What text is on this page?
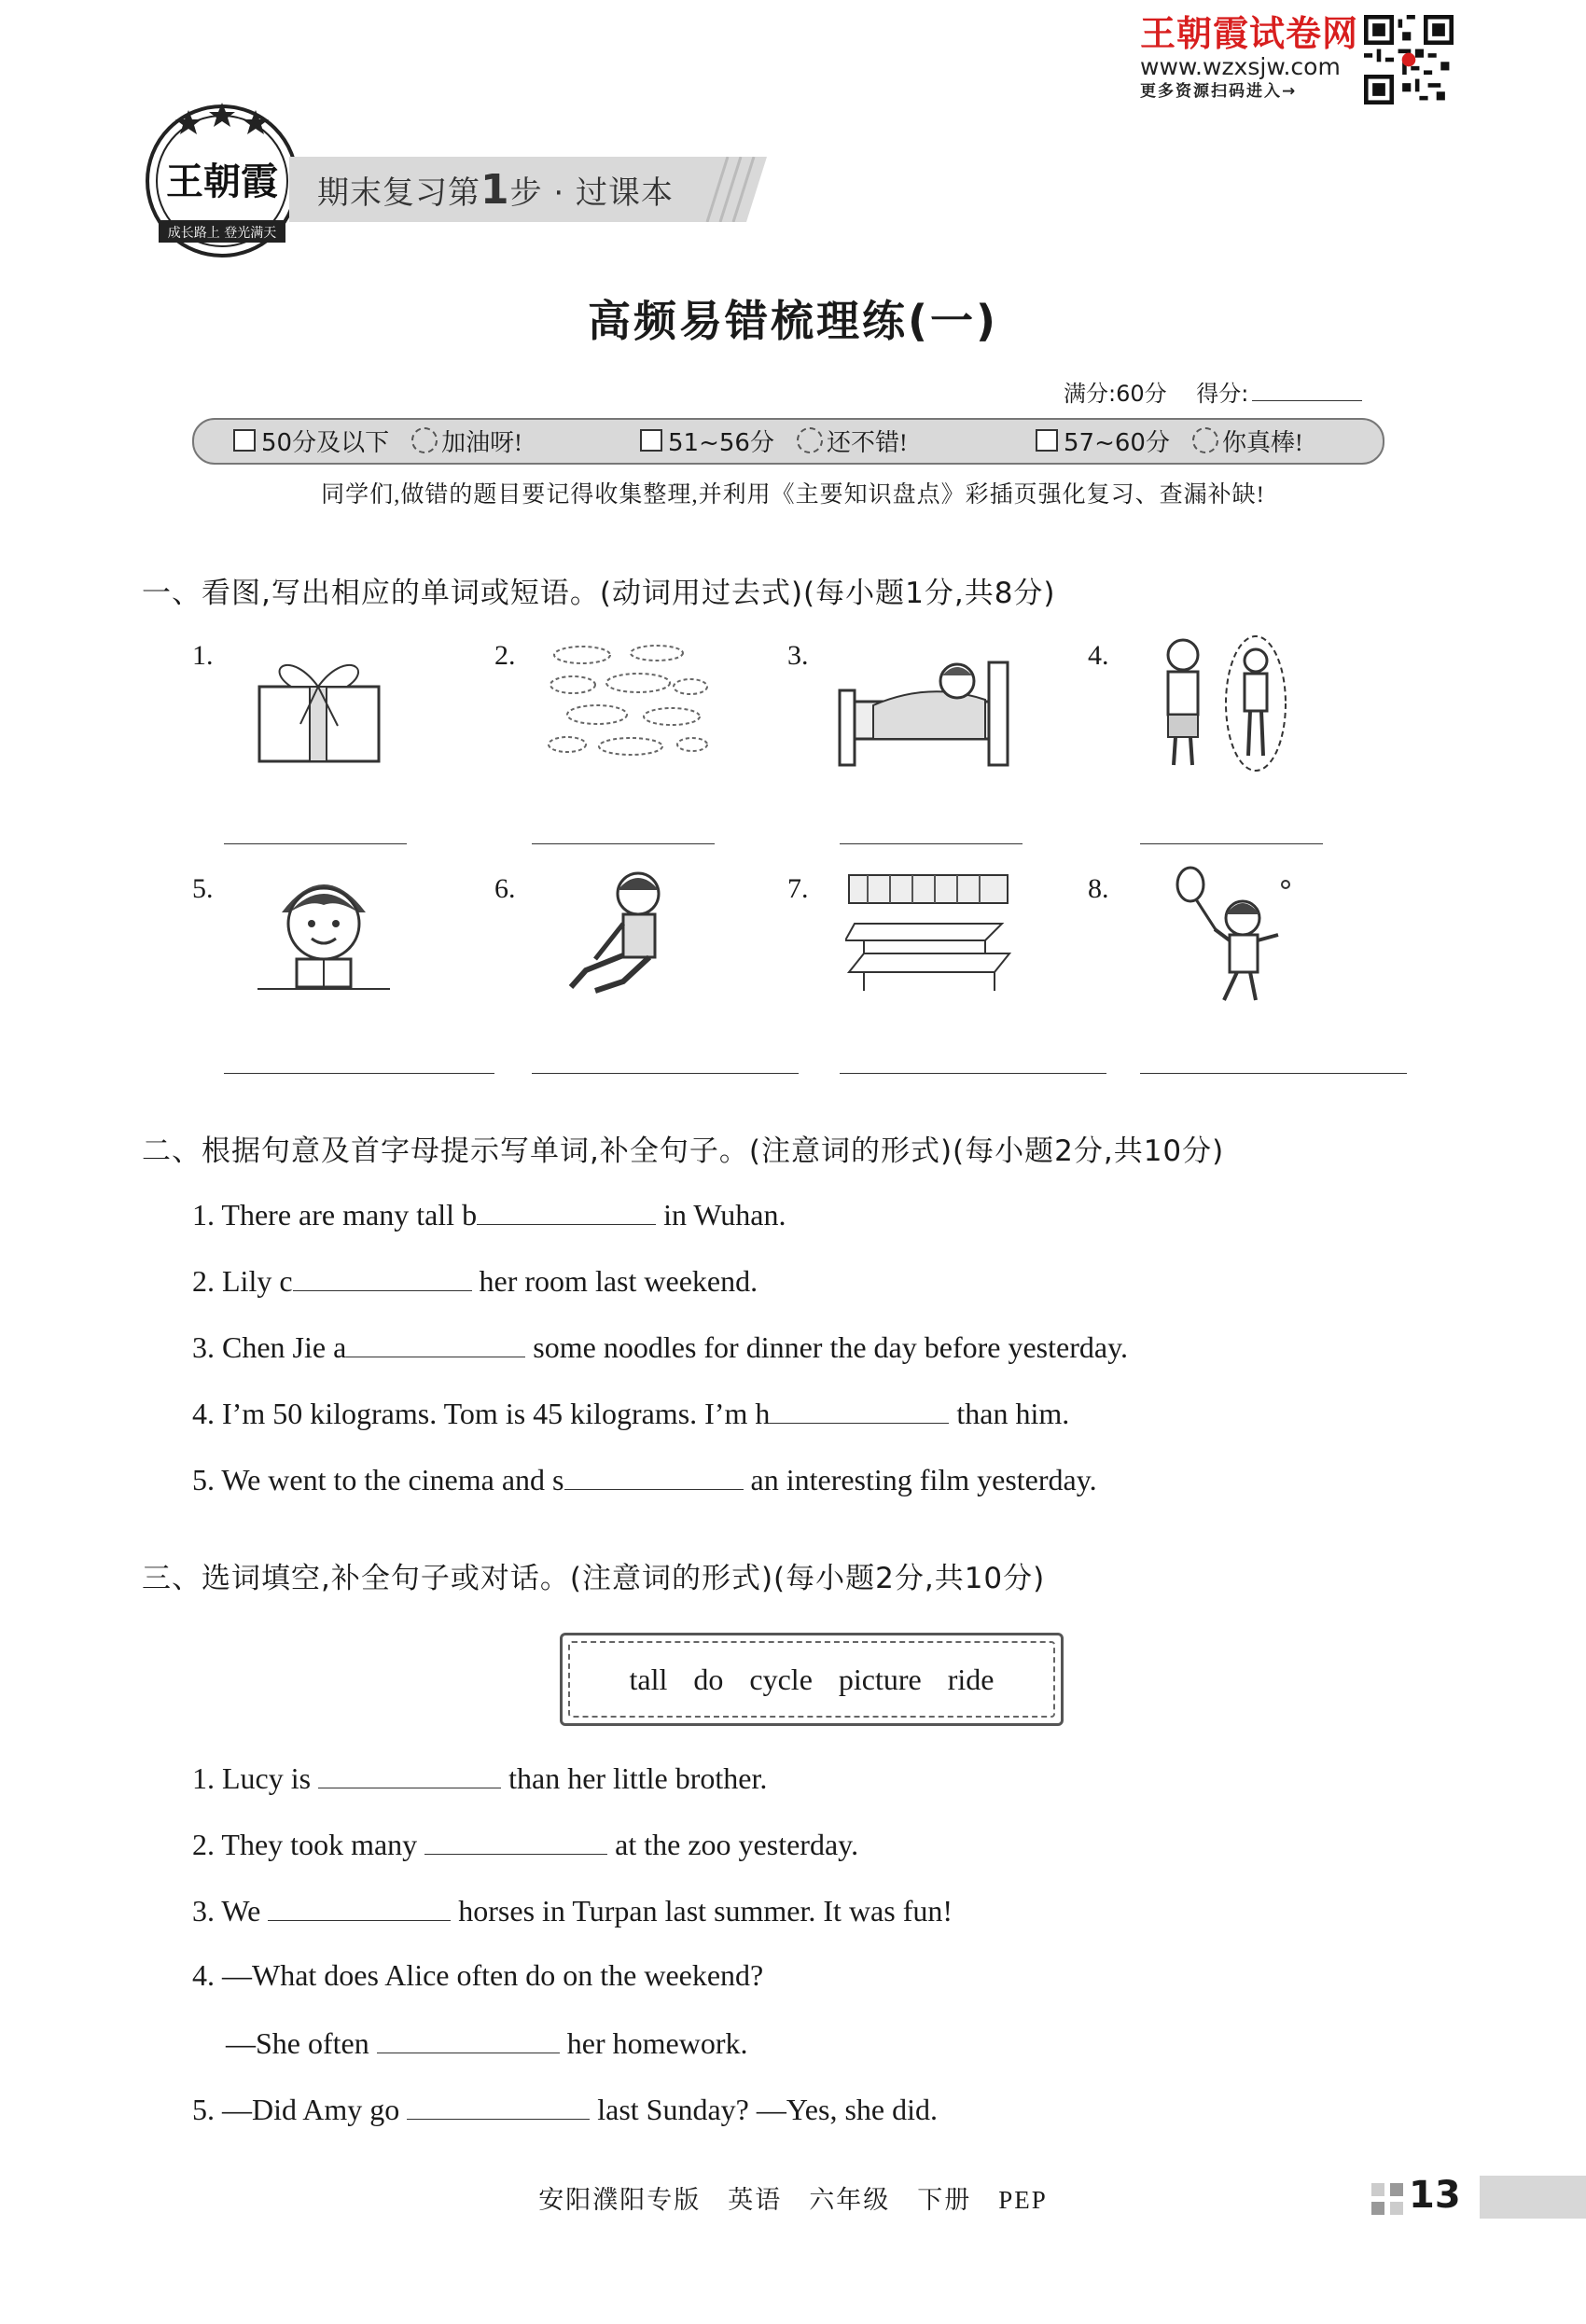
王朝霞试卷网
www.wzxsjw.com
更多资源扫码进入→
王朝霞
成长路上 登光满天
期末复习第1步 · 过课本
高频易错梳理练(一)
满分:60分 得分:
50分及以下 加油呀!	51~56分 还不错!	57~60分 你真棒!
同学们,做错的题目要记得收集整理,并利用《主要知识盘点》彩插页强化复习、查漏补缺!
一、看图,写出相应的单词或短语。(动词用过去式)(每小题1分,共8分)
1.	2.	3.	4.
5.	6.	7.	8.
二、根据句意及首字母提示写单词,补全句子。(注意词的形式)(每小题2分,共10分)
1. There are many tall b	in Wuhan.
2. Lily c	her room last weekend.
3. Chen Jie a	some noodles for dinner the day before yesterday.
4. I’m 50 kilograms. Tom is 45 kilograms. I’m h	than him.
5. We went to the cinema and s	an interesting film yesterday.
三、选词填空,补全句子或对话。(注意词的形式)(每小题2分,共10分)
tall do cycle picture ride
1. Lucy is	than her little brother.
2. They took many	at the zoo yesterday.
3. We	horses in Turpan last summer. It was fun!
4. —What does Alice often do on the weekend?
—She often	her homework.
5. —Did Amy go	last Sunday? —Yes, she did.
安阳濮阳专版　英语　六年级　下册　PEP	13
